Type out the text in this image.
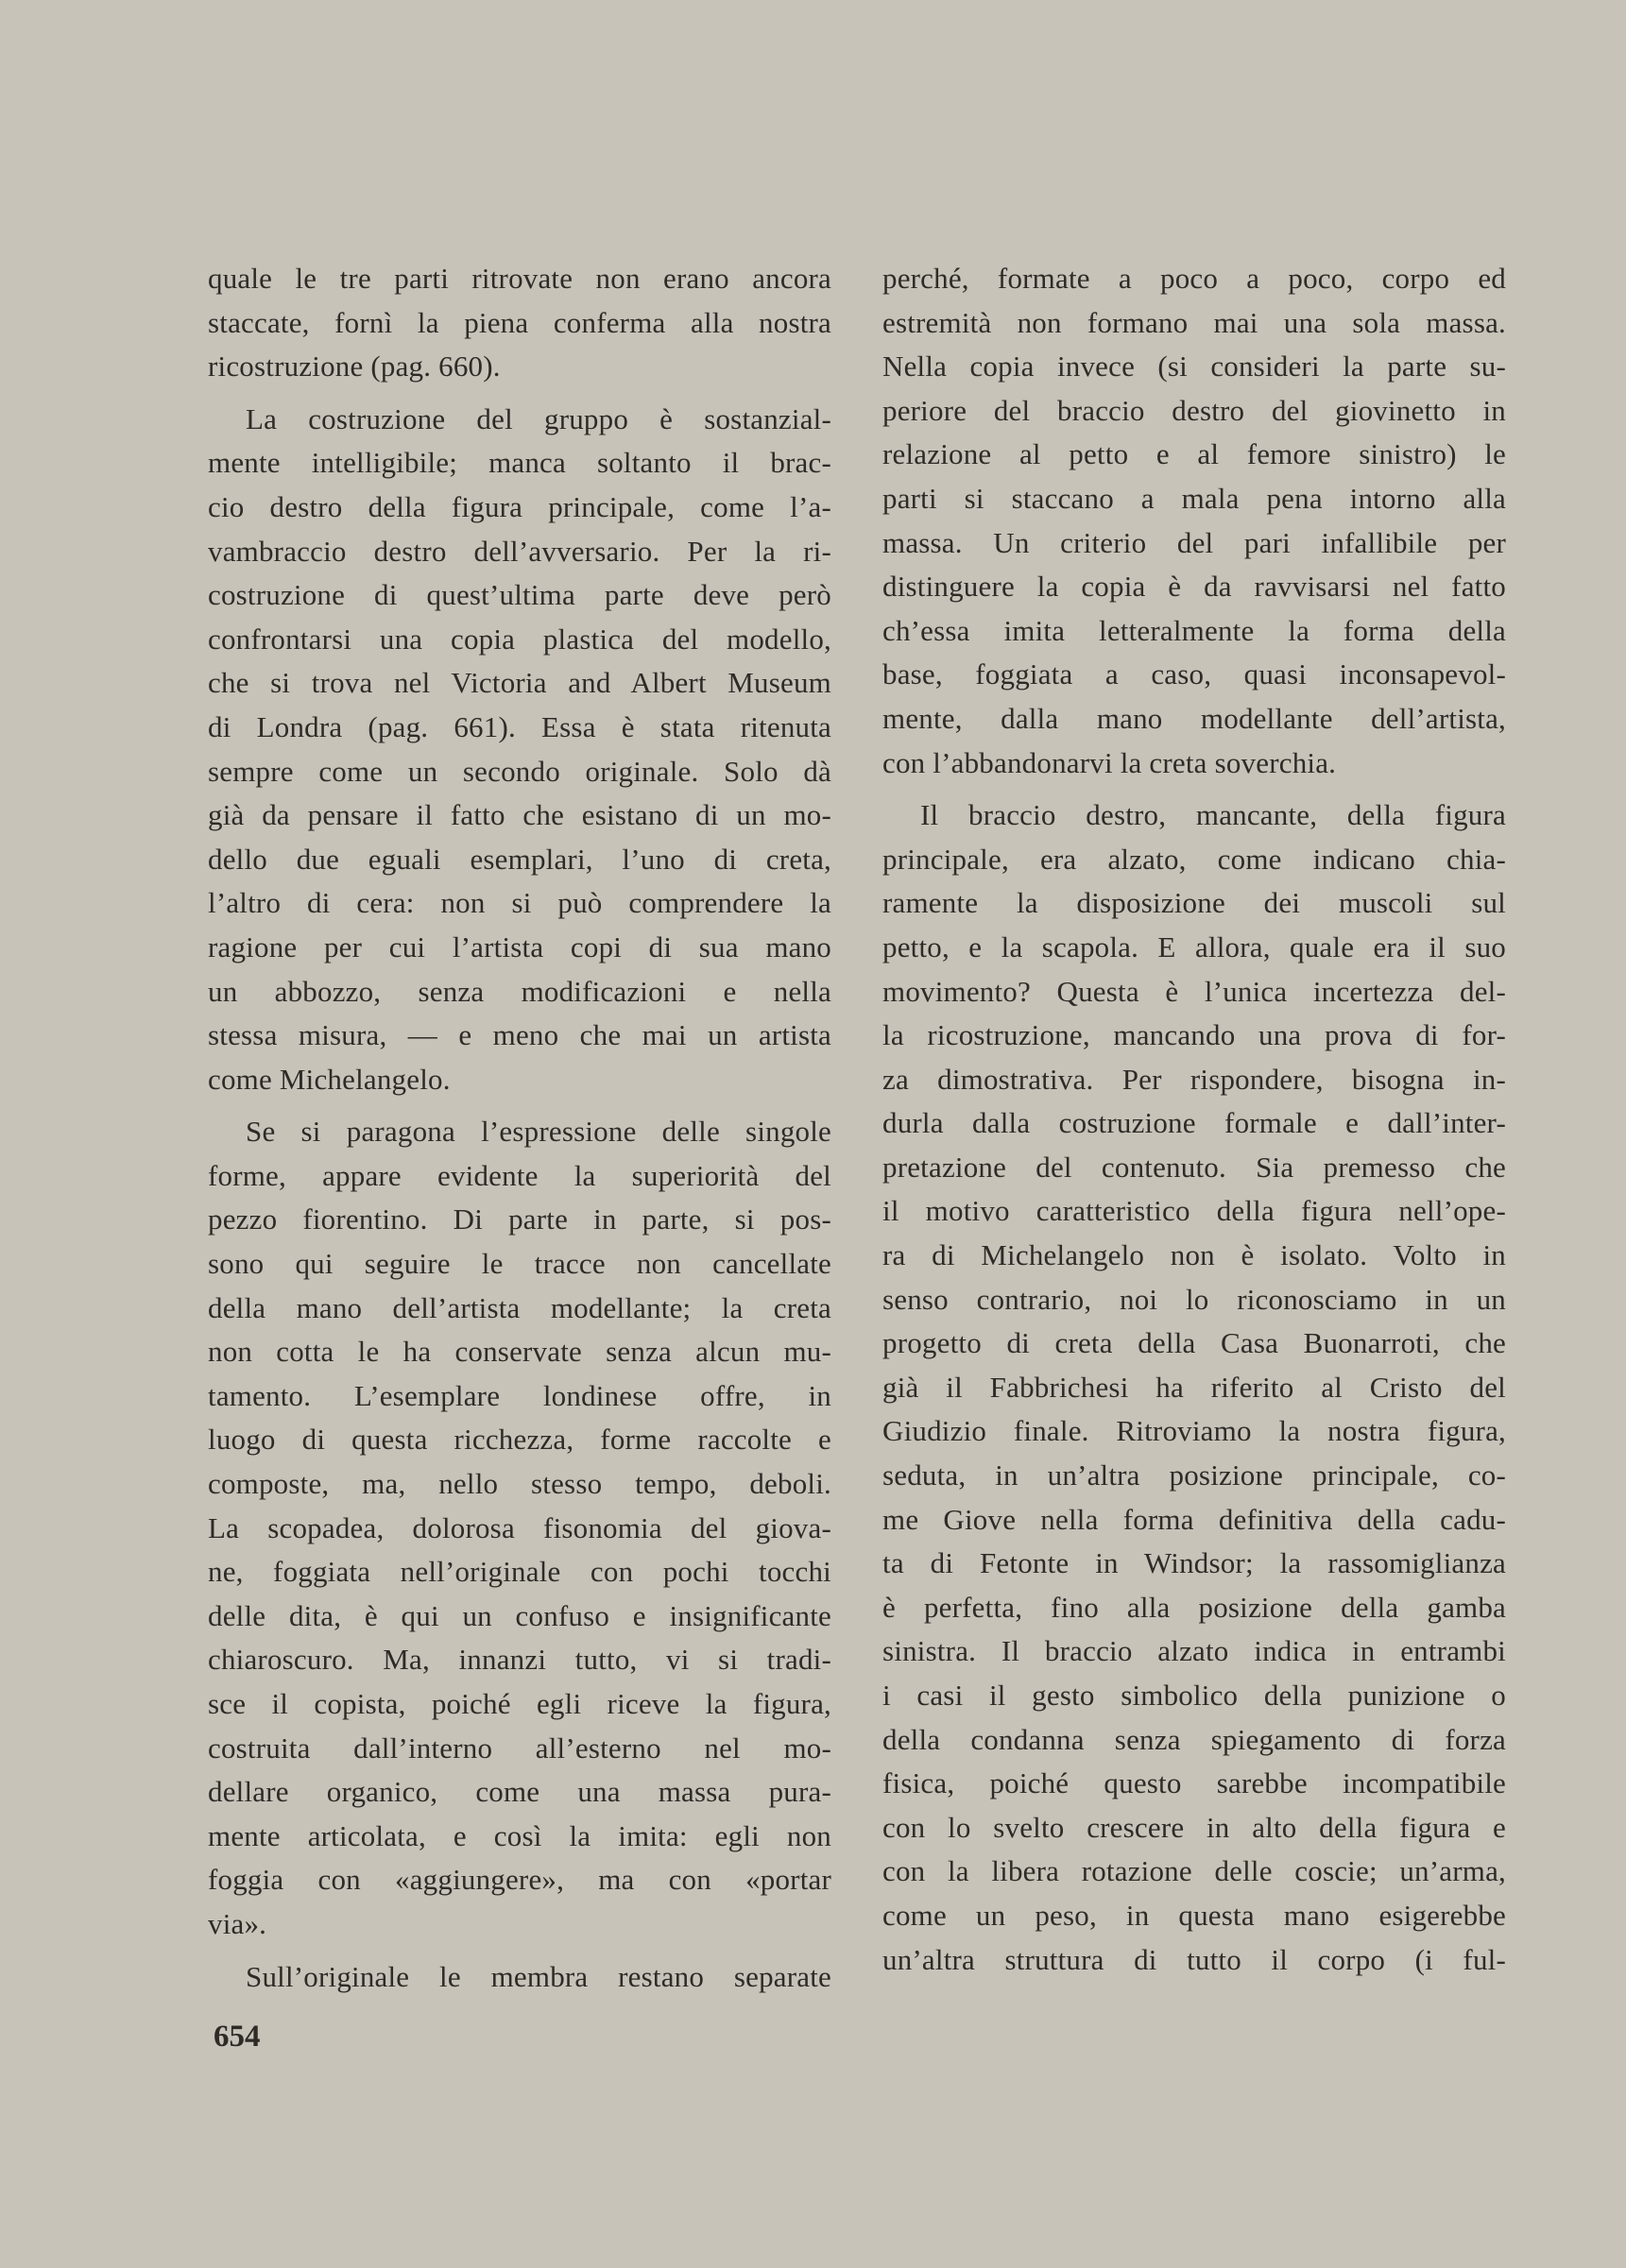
quale le tre parti ritrovate non erano ancora
staccate, fornì la piena conferma alla nostra
ricostruzione (pag. 660).
La costruzione del gruppo è sostanzial-
mente intelligibile; manca soltanto il brac-
cio destro della figura principale, come l’a-
vambraccio destro dell’avversario. Per la ri-
costruzione di quest’ultima parte deve però
confrontarsi una copia plastica del modello,
che si trova nel Victoria and Albert Museum
di Londra (pag. 661). Essa è stata ritenuta
sempre come un secondo originale. Solo dà
già da pensare il fatto che esistano di un mo-
dello due eguali esemplari, l’uno di creta,
l’altro di cera: non si può comprendere la
ragione per cui l’artista copi di sua mano
un abbozzo, senza modificazioni e nella
stessa misura, — e meno che mai un artista
come Michelangelo.
Se si paragona l’espressione delle singole
forme, appare evidente la superiorità del
pezzo fiorentino. Di parte in parte, si pos-
sono qui seguire le tracce non cancellate
della mano dell’artista modellante; la creta
non cotta le ha conservate senza alcun mu-
tamento. L’esemplare londinese offre, in
luogo di questa ricchezza, forme raccolte e
composte, ma, nello stesso tempo, deboli.
La scopadea, dolorosa fisonomia del giova-
ne, foggiata nell’originale con pochi tocchi
delle dita, è qui un confuso e insignificante
chiaroscuro. Ma, innanzi tutto, vi si tradi-
sce il copista, poiché egli riceve la figura,
costruita dall’interno all’esterno nel mo-
dellare organico, come una massa pura-
mente articolata, e così la imita: egli non
foggia con «aggiungere», ma con «portar
via».
Sull’originale le membra restano separate
perché, formate a poco a poco, corpo ed
estremità non formano mai una sola massa.
Nella copia invece (si consideri la parte su-
periore del braccio destro del giovinetto in
relazione al petto e al femore sinistro) le
parti si staccano a mala pena intorno alla
massa. Un criterio del pari infallibile per
distinguere la copia è da ravvisarsi nel fatto
ch’essa imita letteralmente la forma della
base, foggiata a caso, quasi inconsapevol-
mente, dalla mano modellante dell’artista,
con l’abbandonarvi la creta soverchia.
Il braccio destro, mancante, della figura
principale, era alzato, come indicano chia-
ramente la disposizione dei muscoli sul
petto, e la scapola. E allora, quale era il suo
movimento? Questa è l’unica incertezza del-
la ricostruzione, mancando una prova di for-
za dimostrativa. Per rispondere, bisogna in-
durla dalla costruzione formale e dall’inter-
pretazione del contenuto. Sia premesso che
il motivo caratteristico della figura nell’ope-
ra di Michelangelo non è isolato. Volto in
senso contrario, noi lo riconosciamo in un
progetto di creta della Casa Buonarroti, che
già il Fabbrichesi ha riferito al Cristo del
Giudizio finale. Ritroviamo la nostra figura,
seduta, in un’altra posizione principale, co-
me Giove nella forma definitiva della cadu-
ta di Fetonte in Windsor; la rassomiglianza
è perfetta, fino alla posizione della gamba
sinistra. Il braccio alzato indica in entrambi
i casi il gesto simbolico della punizione o
della condanna senza spiegamento di forza
fisica, poiché questo sarebbe incompatibile
con lo svelto crescere in alto della figura e
con la libera rotazione delle coscie; un’arma,
come un peso, in questa mano esigerebbe
un’altra struttura di tutto il corpo (i ful-
654
